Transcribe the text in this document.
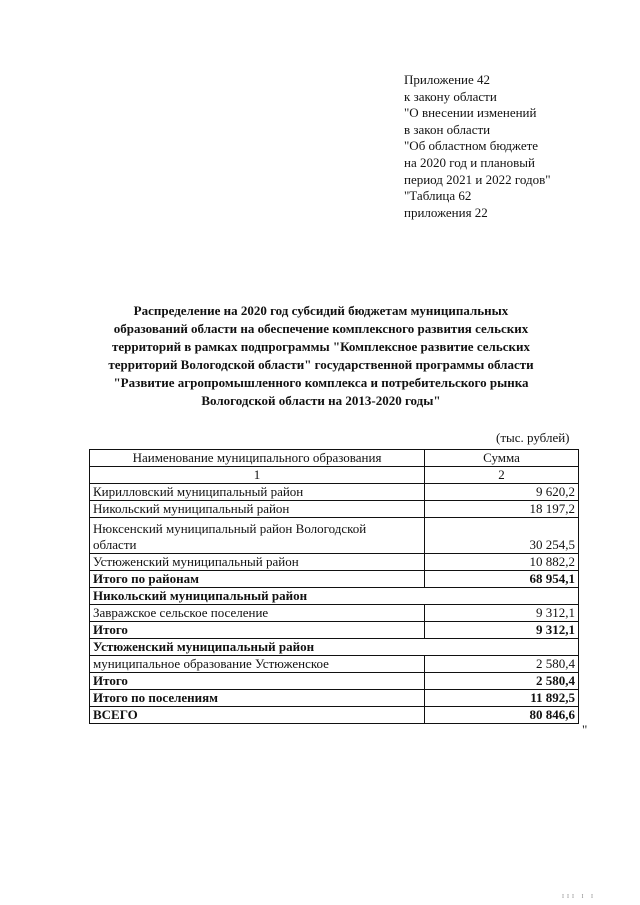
Приложение 42
к закону области
"О внесении изменений
в закон области
"Об областном бюджете
на 2020 год и плановый
период 2021 и 2022 годов"
"Таблица 62
приложения 22
Распределение на 2020 год субсидий бюджетам муниципальных
образований области на обеспечение комплексного развития сельских
территорий в рамках подпрограммы "Комплексное развитие сельских
территорий Вологодской области" государственной программы области
"Развитие агропромышленного комплекса и потребительского рынка
Вологодской области на 2013-2020 годы"
(тыс. рублей)
Наименование муниципального образования	Сумма
1	2
Кирилловский муниципальный район	9 620,2
Никольский муниципальный район	18 197,2

Нюксенский муниципальный район Вологодской
области	30 254,5
Устюженский муниципальный район	10 882,2
Итого по районам	68 954,1
Никольский муниципальный район	
Завражское сельское поселение	9 312,1
Итого	9 312,1
Устюженский муниципальный район	
муниципальное образование Устюженское	2 580,4
Итого	2 580,4
Итого по поселениям	11 892,5
ВСЕГО	80 846,6
"
III I I
